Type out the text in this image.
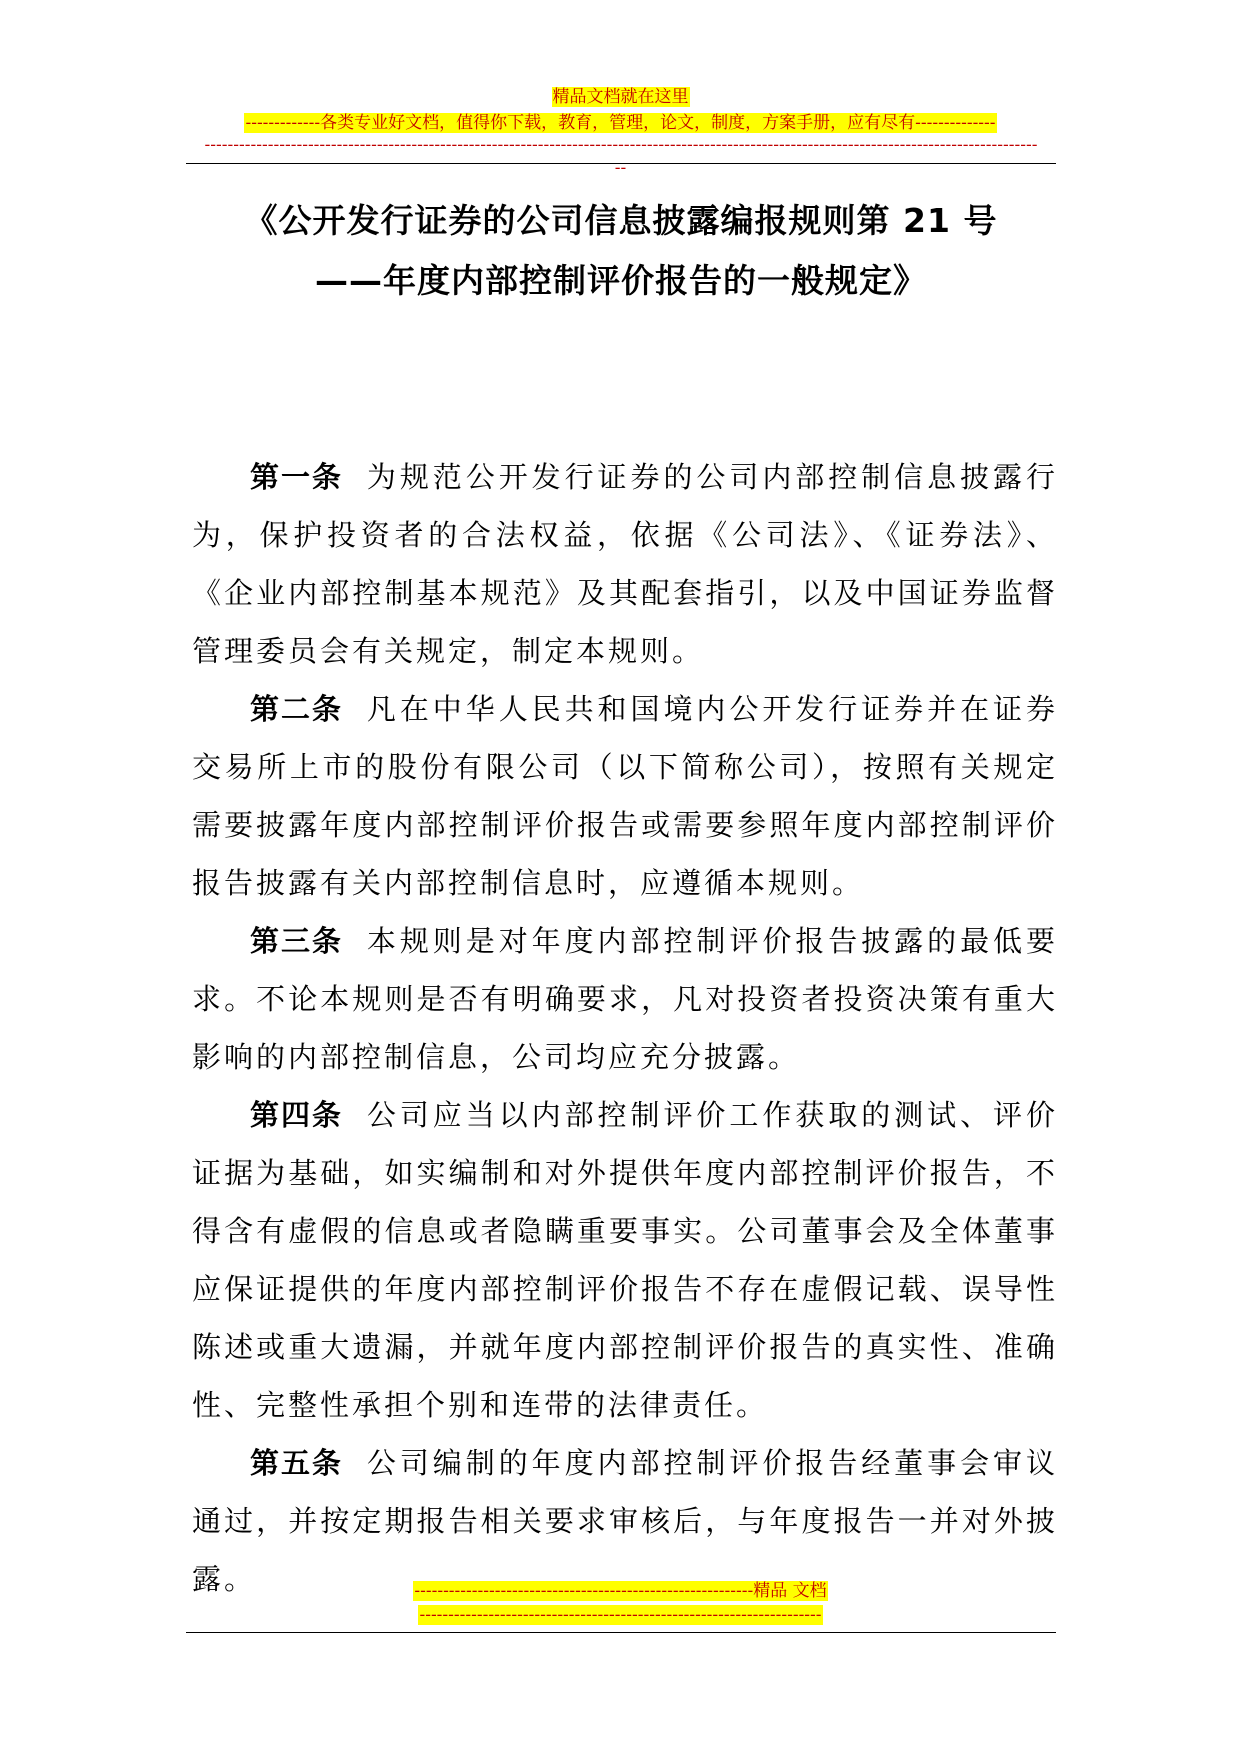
精品文档就在这里
-------------各类专业好文档，值得你下载，教育，管理，论文，制度，方案手册，应有尽有--------------
-------------------------------------------------------------------------------------------------------------------------------------------------
--
《公开发行证券的公司信息披露编报规则第 21 号
——年度内部控制评价报告的一般规定》

第一条 为规范公开发行证券的公司内部控制信息披露行为，保护投资者的合法权益，依据《公司法》、《证券法》、《企业内部控制基本规范》及其配套指引，以及中国证券监督管理委员会有关规定，制定本规则。

第二条 凡在中华人民共和国境内公开发行证券并在证券交易所上市的股份有限公司（以下简称公司），按照有关规定需要披露年度内部控制评价报告或需要参照年度内部控制评价报告披露有关内部控制信息时，应遵循本规则。

第三条 本规则是对年度内部控制评价报告披露的最低要求。不论本规则是否有明确要求，凡对投资者投资决策有重大影响的内部控制信息，公司均应充分披露。

第四条 公司应当以内部控制评价工作获取的测试、评价证据为基础，如实编制和对外提供年度内部控制评价报告，不得含有虚假的信息或者隐瞒重要事实。公司董事会及全体董事应保证提供的年度内部控制评价报告不存在虚假记载、误导性陈述或重大遗漏，并就年度内部控制评价报告的真实性、准确性、完整性承担个别和连带的法律责任。

第五条 公司编制的年度内部控制评价报告经董事会审议通过，并按定期报告相关要求审核后，与年度报告一并对外披露。	-----------------------------------------------------------精品 文档
----------------------------------------------------------------------
